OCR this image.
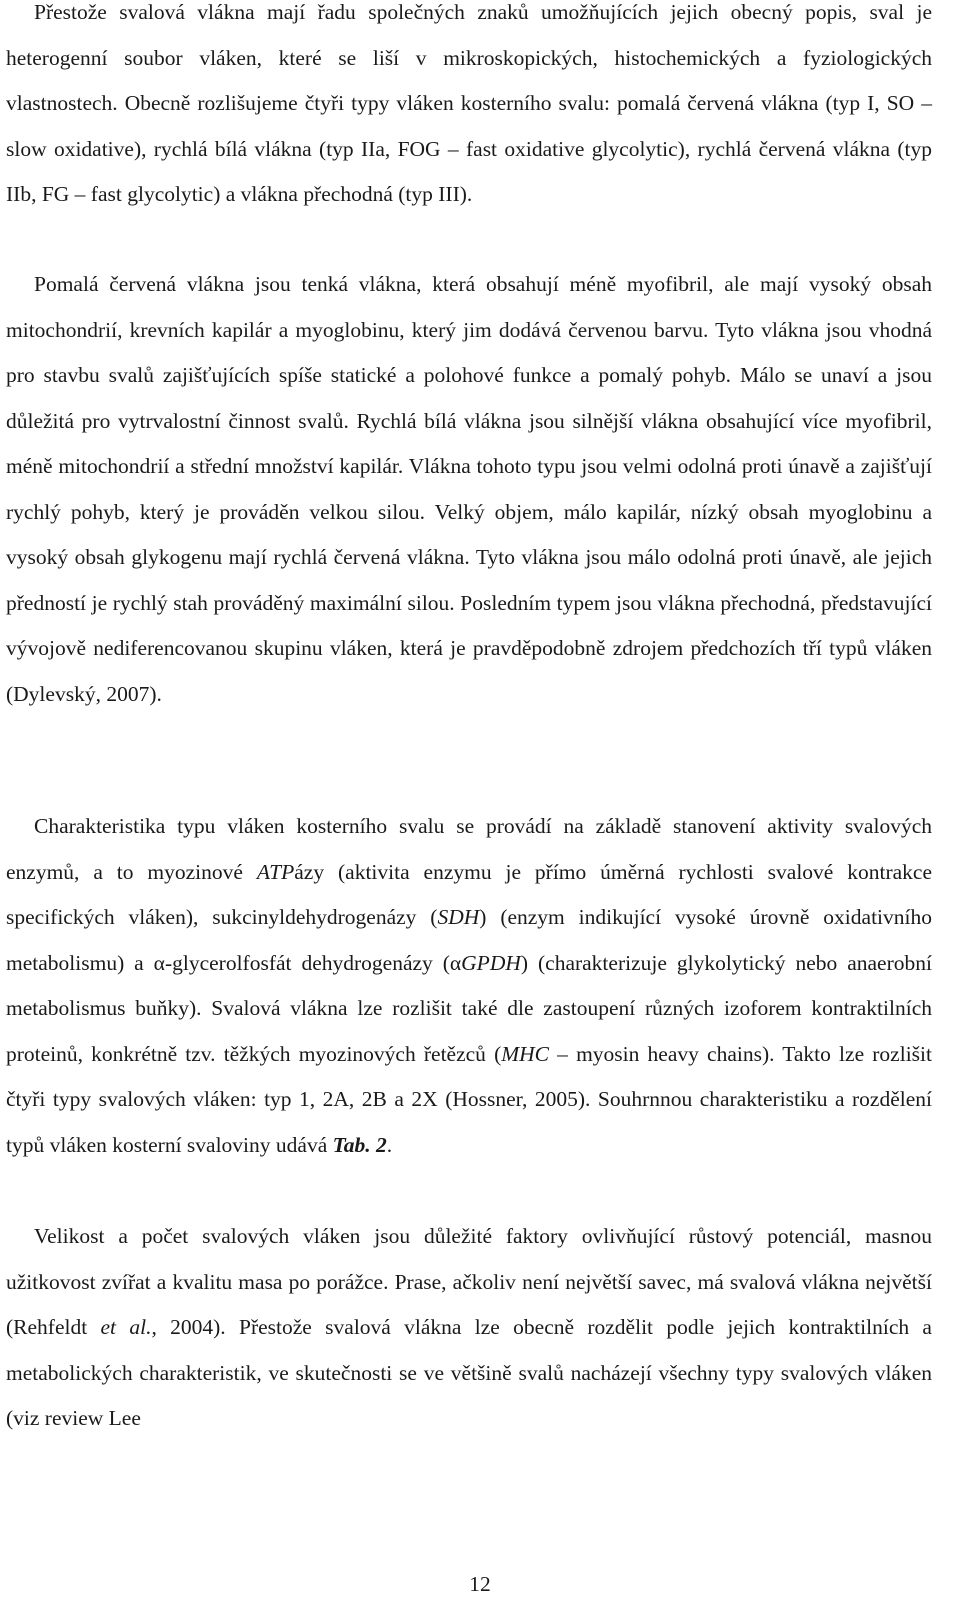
Přestože svalová vlákna mají řadu společných znaků umožňujících jejich obecný popis, sval je heterogenní soubor vláken, které se liší v mikroskopických, histochemických a fyziologických vlastnostech. Obecně rozlišujeme čtyři typy vláken kosterního svalu: pomalá červená vlákna (typ I, SO – slow oxidative), rychlá bílá vlákna (typ IIa, FOG – fast oxidative glycolytic), rychlá červená vlákna (typ IIb, FG – fast glycolytic) a vlákna přechodná (typ III).

Pomalá červená vlákna jsou tenká vlákna, která obsahují méně myofibril, ale mají vysoký obsah mitochondrií, krevních kapilár a myoglobinu, který jim dodává červenou barvu. Tyto vlákna jsou vhodná pro stavbu svalů zajišťujících spíše statické a polohové funkce a pomalý pohyb. Málo se unaví a jsou důležitá pro vytrvalostní činnost svalů. Rychlá bílá vlákna jsou silnější vlákna obsahující více myofibril, méně mitochondrií a střední množství kapilár. Vlákna tohoto typu jsou velmi odolná proti únavě a zajišťují rychlý pohyb, který je prováděn velkou silou. Velký objem, málo kapilár, nízký obsah myoglobinu a vysoký obsah glykogenu mají rychlá červená vlákna. Tyto vlákna jsou málo odolná proti únavě, ale jejich předností je rychlý stah prováděný maximální silou. Posledním typem jsou vlákna přechodná, představující vývojově nediferencovanou skupinu vláken, která je pravděpodobně zdrojem předchozích tří typů vláken (Dylevský, 2007).

Charakteristika typu vláken kosterního svalu se provádí na základě stanovení aktivity svalových enzymů, a to myozinové ATPázy (aktivita enzymu je přímo úměrná rychlosti svalové kontrakce specifických vláken), sukcinyldehydrogenázy (SDH) (enzym indikující vysoké úrovně oxidativního metabolismu) a α-glycerolfosfát dehydrogenázy (αGPDH) (charakterizuje glykolytický nebo anaerobní metabolismus buňky). Svalová vlákna lze rozlišit také dle zastoupení různých izoforem kontraktilních proteinů, konkrétně tzv. těžkých myozinových řetězců (MHC – myosin heavy chains). Takto lze rozlišit čtyři typy svalových vláken: typ 1, 2A, 2B a 2X (Hossner, 2005). Souhrnnou charakteristiku a rozdělení typů vláken kosterní svaloviny udává Tab. 2.

Velikost a počet svalových vláken jsou důležité faktory ovlivňující růstový potenciál, masnou užitkovost zvířat a kvalitu masa po porážce. Prase, ačkoliv není největší savec, má svalová vlákna největší (Rehfeldt et al., 2004). Přestože svalová vlákna lze obecně rozdělit podle jejich kontraktilních a metabolických charakteristik, ve skutečnosti se ve většině svalů nacházejí všechny typy svalových vláken (viz review Lee

12
